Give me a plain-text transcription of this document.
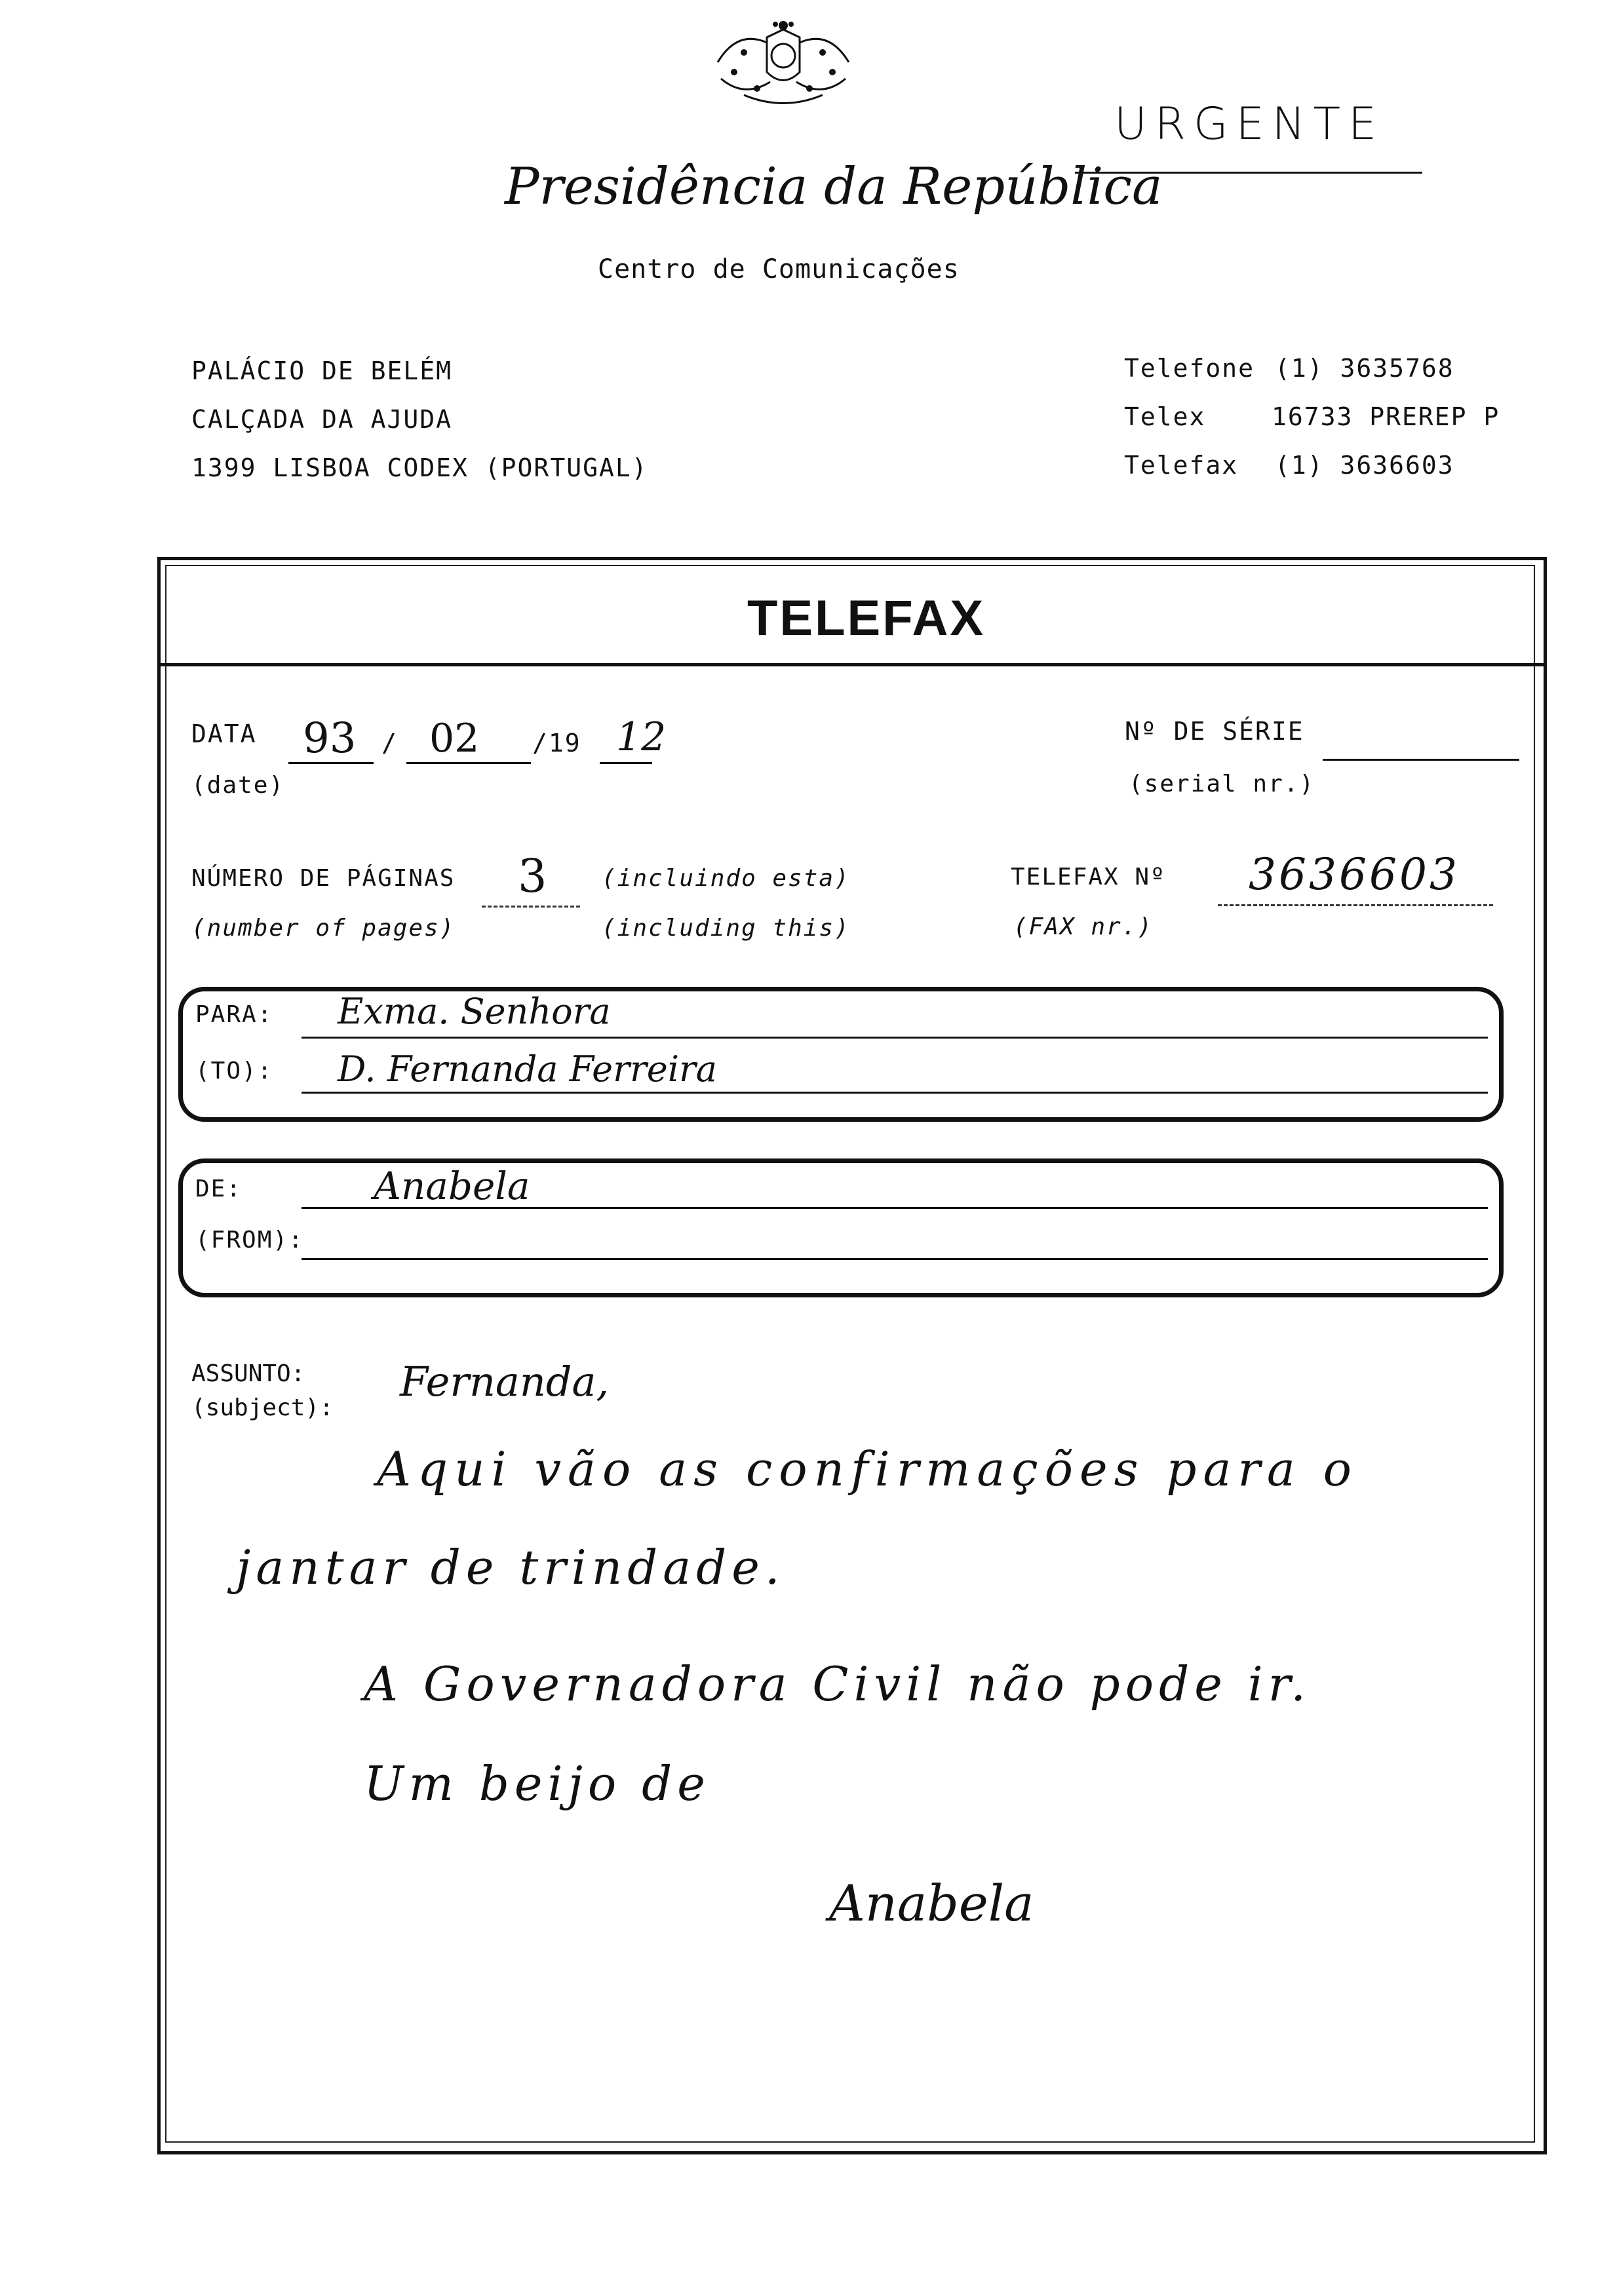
URGENTE
Presidência da República
Centro de Comunicações
PALÁCIO DE BELÉM
CALÇADA DA AJUDA
1399 LISBOA CODEX (PORTUGAL)
Telefone (1) 3635768
Telex	16733 PREREP P
Telefax (1) 3636603
TELEFAX
DATA
(date)
93 / 02 /19 12	Nº DE SÉRIE
(serial nr.)
NÚMERO DE PÁGINAS
(number of pages)
3 (incluindo esta)
(including this)
TELEFAX Nº
(FAX nr.)
3636603
PARA:
(TO):
Exma. Senhora
D. Fernanda Ferreira
DE:
(FROM):
Anabela
ASSUNTO:
(subject):
Fernanda,
Aqui vão as confirmações para o
jantar de trindade.
A Governadora Civil não pode ir.
Um beijo de
Anabela
